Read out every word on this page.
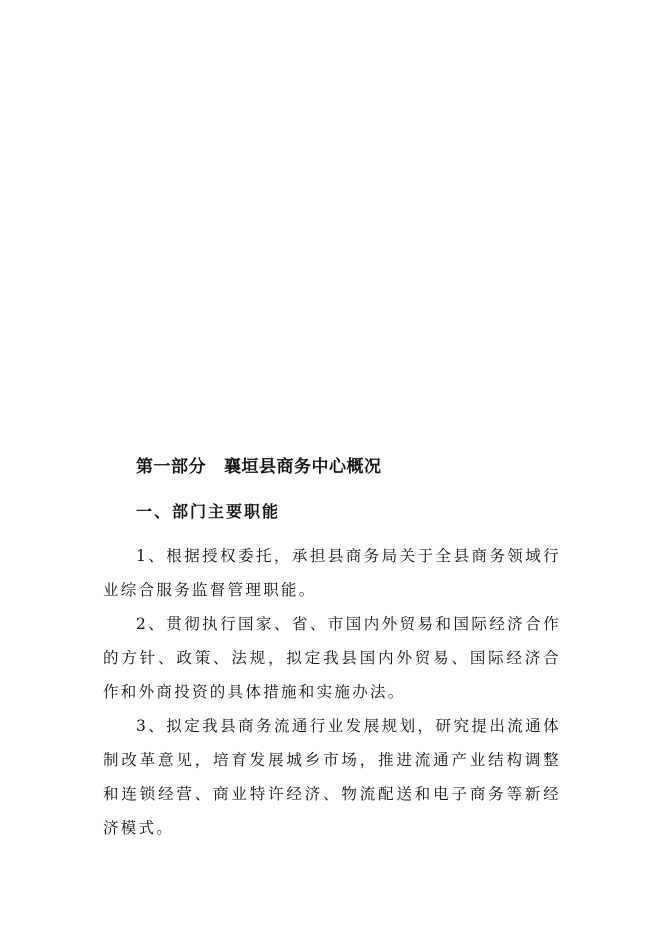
第一部分 襄垣县商务中心概况
一、部门主要职能

1、根据授权委托，承担县商务局关于全县商务领域行业综合服务监督管理职能。

2、贯彻执行国家、省、市国内外贸易和国际经济合作的方针、政策、法规，拟定我县国内外贸易、国际经济合作和外商投资的具体措施和实施办法。

3、拟定我县商务流通行业发展规划，研究提出流通体制改革意见，培育发展城乡市场，推进流通产业结构调整和连锁经营、商业特许经济、物流配送和电子商务等新经济模式。
